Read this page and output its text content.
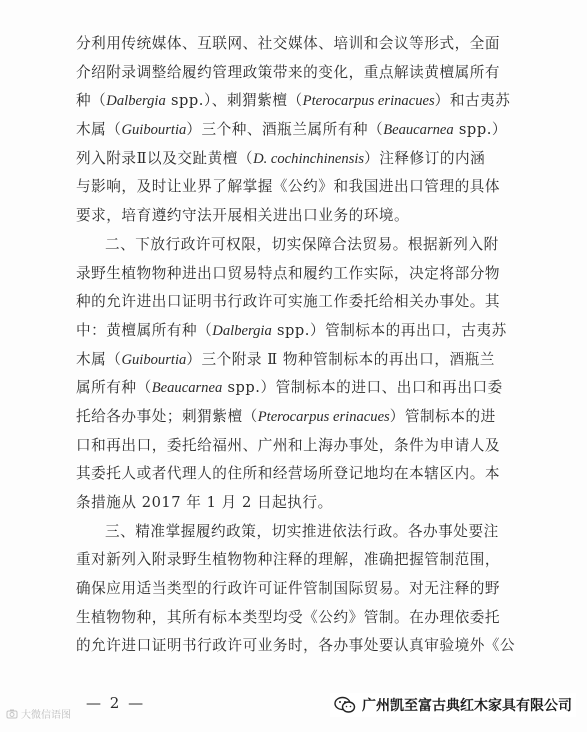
分利用传统媒体、互联网、社交媒体、培训和会议等形式，全面
介绍附录调整给履约管理政策带来的变化，重点解读黄檀属所有
种（Dalbergia spp.）、刺猬紫檀（Pterocarpus erinacues）和古夷苏
木属（Guibourtia）三个种、酒瓶兰属所有种（Beaucarnea spp.）
列入附录Ⅱ以及交趾黄檀（D. cochinchinensis）注释修订的内涵
与影响，及时让业界了解掌握《公约》和我国进出口管理的具体
要求，培育遵约守法开展相关进出口业务的环境。
二、下放行政许可权限，切实保障合法贸易。根据新列入附
录野生植物物种进出口贸易特点和履约工作实际，决定将部分物
种的允许进出口证明书行政许可实施工作委托给相关办事处。其
中：黄檀属所有种（Dalbergia spp.）管制标本的再出口，古夷苏
木属（Guibourtia）三个附录 Ⅱ 物种管制标本的再出口，酒瓶兰
属所有种（Beaucarnea spp.）管制标本的进口、出口和再出口委
托给各办事处；刺猬紫檀（Pterocarpus erinacues）管制标本的进
口和再出口，委托给福州、广州和上海办事处，条件为申请人及
其委托人或者代理人的住所和经营场所登记地均在本辖区内。本
条措施从 2017 年 1 月 2 日起执行。
三、精准掌握履约政策，切实推进依法行政。各办事处要注
重对新列入附录野生植物物种注释的理解，准确把握管制范围，
确保应用适当类型的行政许可证件管制国际贸易。对无注释的野
生植物物种，其所有标本类型均受《公约》管制。在办理依委托
的允许进口证明书行政许可业务时，各办事处要认真审验境外《公
— 2 —
大微信语图
广州凯至富古典红木家具有限公司
